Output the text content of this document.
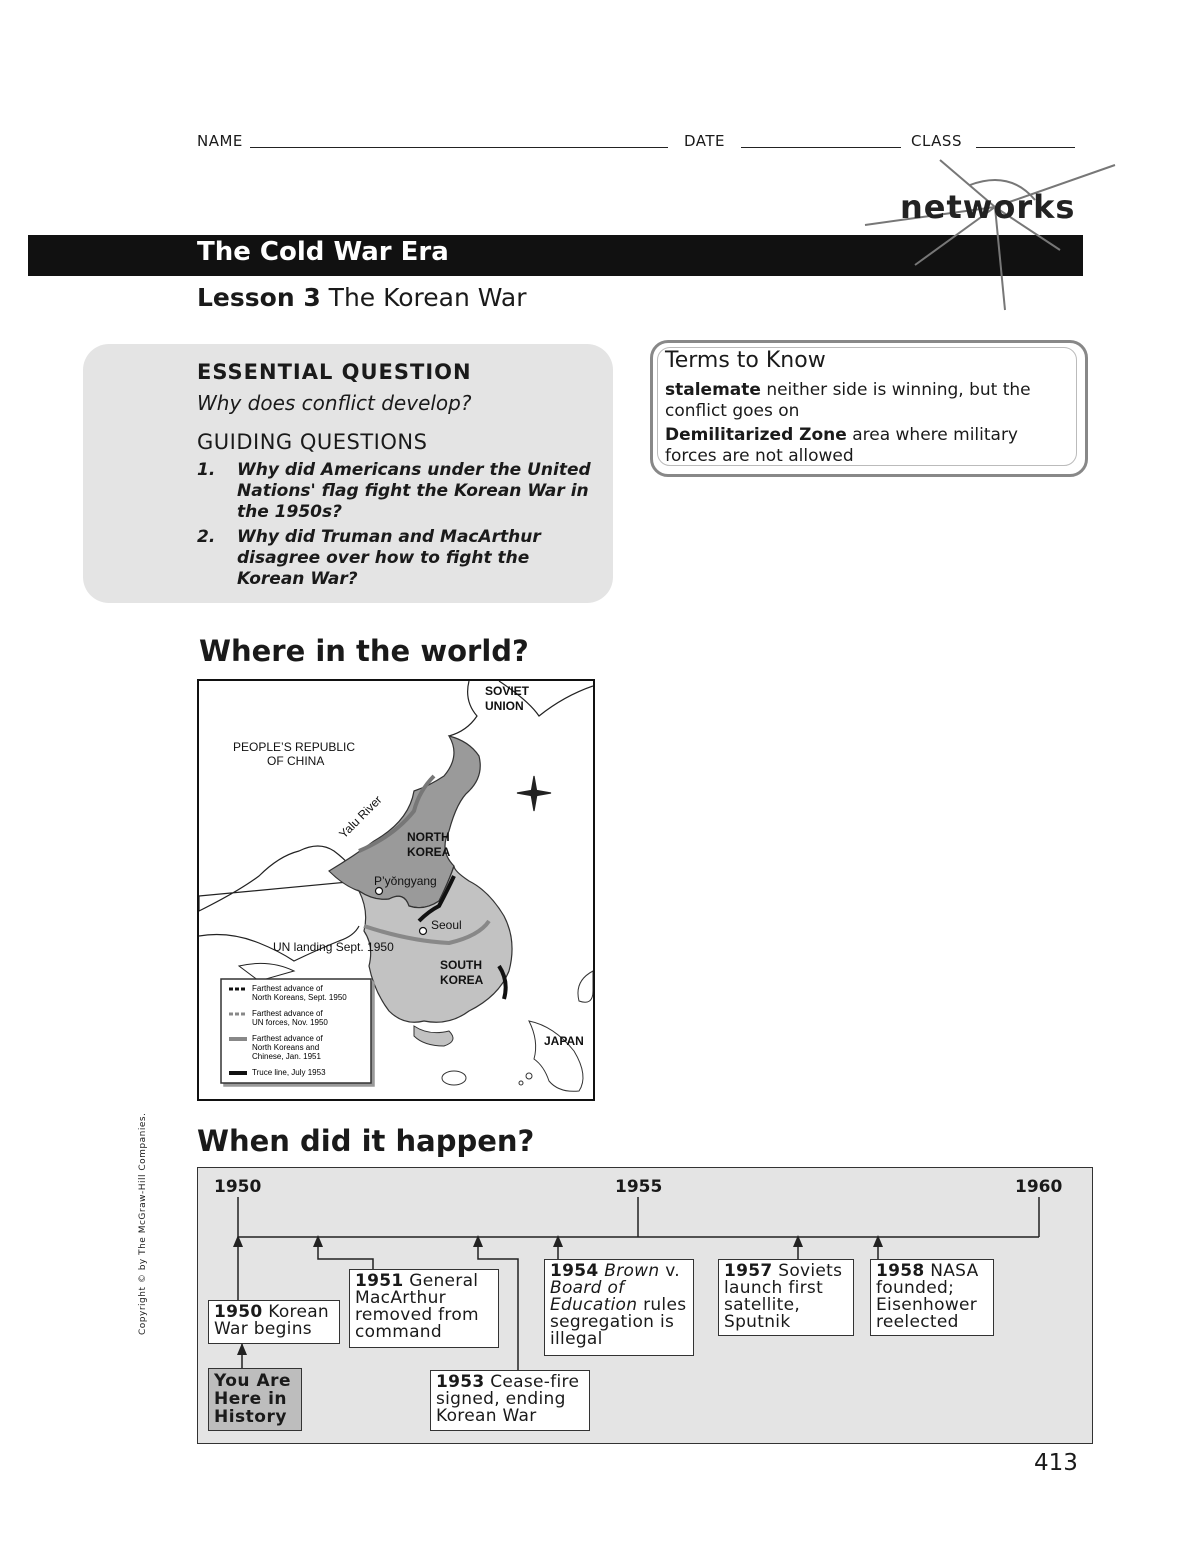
NAME	DATE	CLASS
networks
The Cold War Era
Lesson 3 The Korean War
ESSENTIAL QUESTION
Why does conflict develop?
GUIDING QUESTIONS
1. Why did Americans under the United Nations' flag fight the Korean War in the 1950s?
2. Why did Truman and MacArthur disagree over how to fight the Korean War?
Terms to Know
stalemate neither side is winning, but the conflict goes on
Demilitarized Zone area where military forces are not allowed
Where in the world?
SOVIET
UNION
PEOPLE’S REPUBLIC
OF CHINA
Yalu River NORTH
KOREA
P’yŏngyang
Seoul
UN landing Sept. 1950
SOUTH
KOREA
JAPAN
Farthest advance of
North Koreans, Sept. 1950
Farthest advance of
UN forces, Nov. 1950
Farthest advance of
North Koreans and
Chinese, Jan. 1951
Truce line, July 1953
When did it happen?
1950	1955	1960
1950 Korean War begins
1951 General MacArthur removed from command
1953 Cease-fire signed, ending Korean War
1954 Brown v. Board of Education rules segregation is illegal
1957 Soviets launch first satellite, Sputnik
1958 NASA founded; Eisenhower reelected
You Are Here in History
413
Copyright © by The McGraw-Hill Companies.
